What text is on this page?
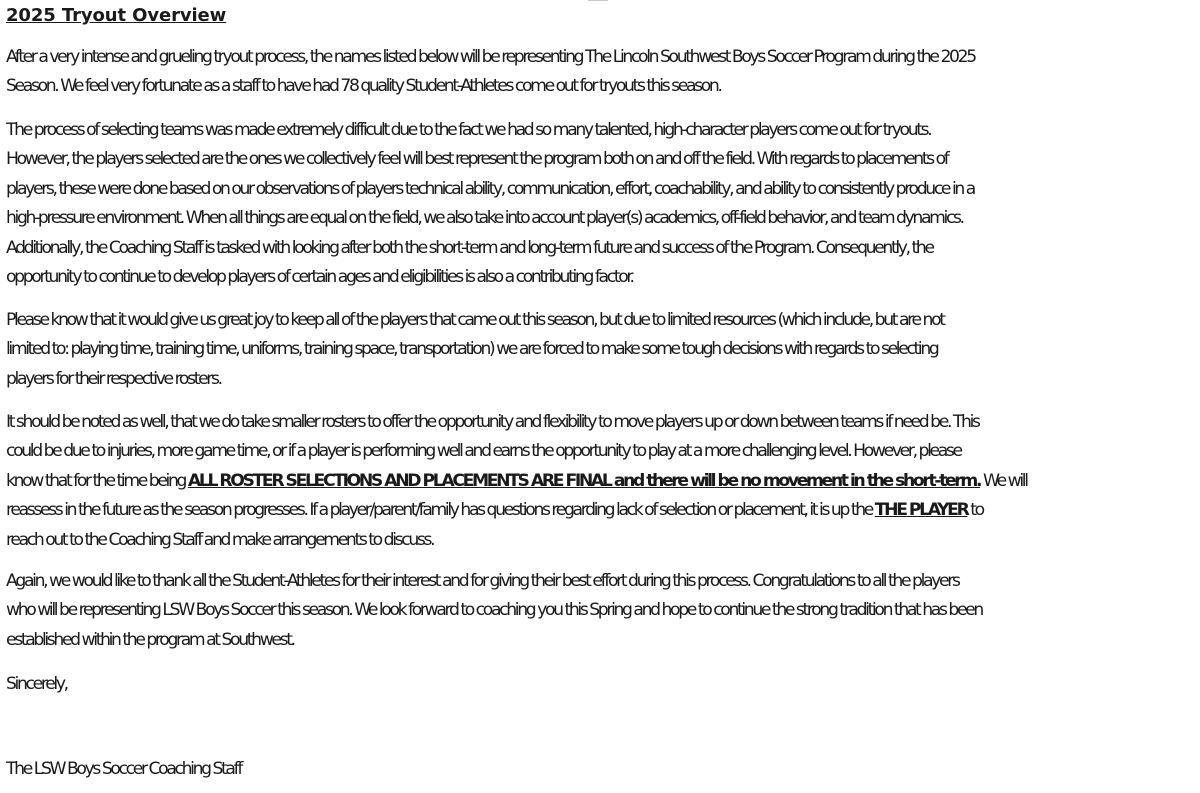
2025 Tryout Overview

After a very intense and grueling tryout process, the names listed below will be representing The Lincoln Southwest Boys Soccer Program during the 2025
Season. We feel very fortunate as a staff to have had 78 quality Student-Athletes come out for tryouts this season.

The process of selecting teams was made extremely difficult due to the fact we had so many talented, high-character players come out for tryouts.
However, the players selected are the ones we collectively feel will best represent the program both on and off the field. With regards to placements of
players, these were done based on our observations of players technical ability, communication, effort, coachability, and ability to consistently produce in a
high-pressure environment. When all things are equal on the field, we also take into account player(s) academics, off-field behavior, and team dynamics.
Additionally, the Coaching Staff is tasked with looking after both the short-term and long-term future and success of the Program. Consequently, the
opportunity to continue to develop players of certain ages and eligibilities is also a contributing factor.

Please know that it would give us great joy to keep all of the players that came out this season, but due to limited resources (which include, but are not
limited to: playing time, training time, uniforms, training space, transportation) we are forced to make some tough decisions with regards to selecting
players for their respective rosters.

It should be noted as well, that we do take smaller rosters to offer the opportunity and flexibility to move players up or down between teams if need be. This
could be due to injuries, more game time, or if a player is performing well and earns the opportunity to play at a more challenging level. However, please
know that for the time being ALL ROSTER SELECTIONS AND PLACEMENTS ARE FINAL and there will be no movement in the short-term. We will
reassess in the future as the season progresses. If a player/parent/family has questions regarding lack of selection or placement, it is up the THE PLAYER to
reach out to the Coaching Staff and make arrangements to discuss.

Again, we would like to thank all the Student-Athletes for their interest and for giving their best effort during this process. Congratulations to all the players
who will be representing LSW Boys Soccer this season. We look forward to coaching you this Spring and hope to continue the strong tradition that has been
established within the program at Southwest.

Sincerely,

The LSW Boys Soccer Coaching Staff
